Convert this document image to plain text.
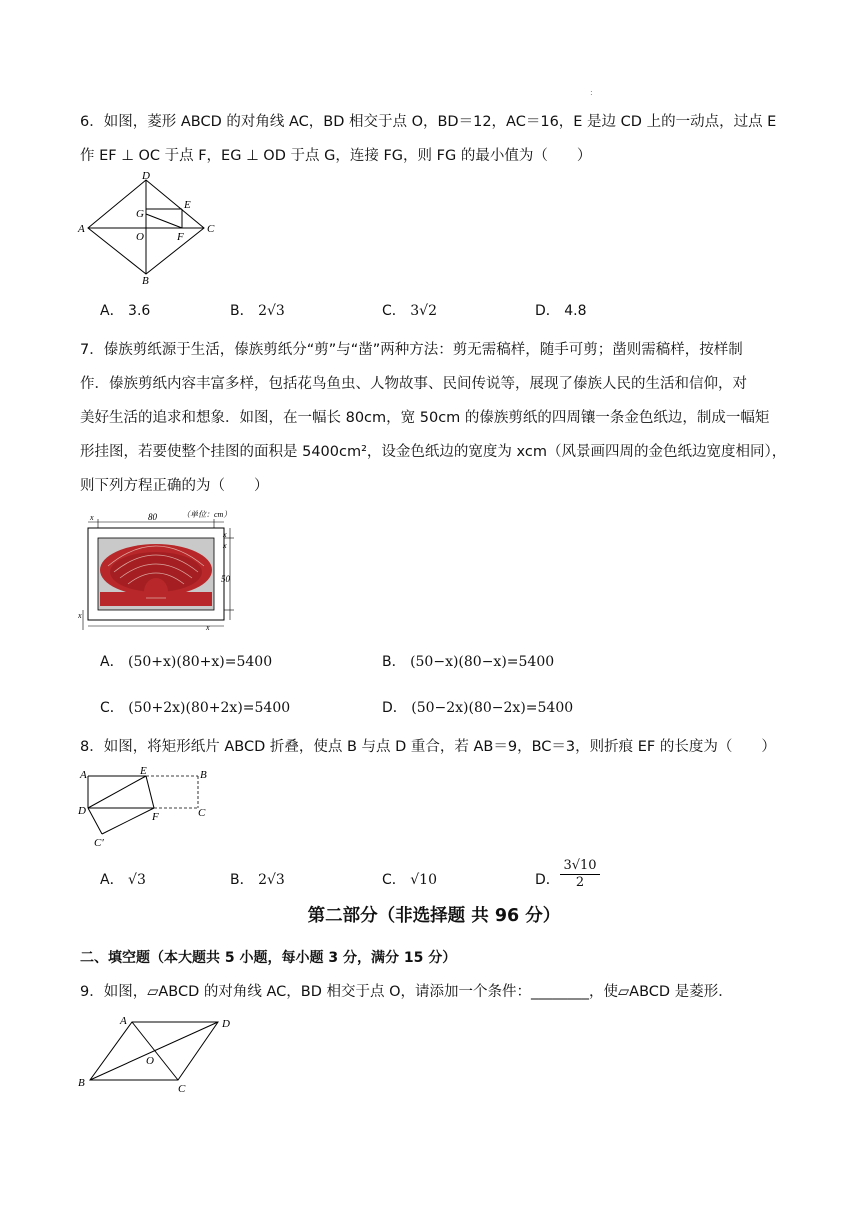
:
6．如图，菱形 ABCD 的对角线 AC，BD 相交于点 O，BD＝12，AC＝16，E 是边 CD 上的一动点，过点 E
作 EF ⊥ OC 于点 F，EG ⊥ OD 于点 G，连接 FG，则 FG 的最小值为（　　）
D
E
G
A
O	F
C
B
A． 3.6	B． 2√3	C． 3√2	D． 4.8
7．傣族剪纸源于生活，傣族剪纸分“剪”与“凿”两种方法：剪无需稿样，随手可剪；凿则需稿样，按样制
作．傣族剪纸内容丰富多样，包括花鸟鱼虫、人物故事、民间传说等，展现了傣族人民的生活和信仰，对
美好生活的追求和想象．如图，在一幅长 80cm，宽 50cm 的傣族剪纸的四周镶一条金色纸边，制成一幅矩
形挂图，若要使整个挂图的面积是 5400cm²，设金色纸边的宽度为 xcm（风景画四周的金色纸边宽度相同），
则下列方程正确的为（　　）
（单位：cm）
x	80
x
50
x
x
x
A． (50+x)(80+x)=5400	B． (50−x)(80−x)=5400
C． (50+2x)(80+2x)=5400	D． (50−2x)(80−2x)=5400
8．如图，将矩形纸片 ABCD 折叠，使点 B 与点 D 重合，若 AB＝9，BC＝3，则折痕 EF 的长度为（　　）
A	E	B
D	C
F
C′
A． √3	B． 2√3	C． √10	D． $\frac{3√10}{2}$
第二部分（非选择题 共 96 分）
二、填空题（本大题共 5 小题，每小题 3 分，满分 15 分）
9．如图，▱ABCD 的对角线 AC，BD 相交于点 O，请添加一个条件：________，使▱ABCD 是菱形．
A	D
O
B	C
